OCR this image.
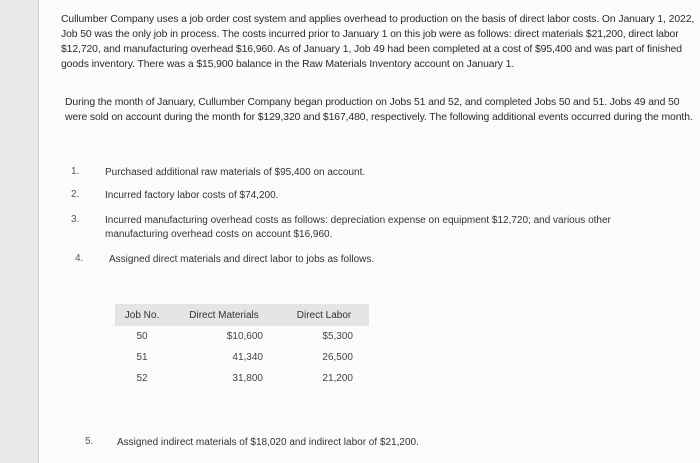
Cullumber Company uses a job order cost system and applies overhead to production on the basis of direct labor costs. On January 1, 2022, Job 50 was the only job in process. The costs incurred prior to January 1 on this job were as follows: direct materials $21,200, direct labor $12,720, and manufacturing overhead $16,960. As of January 1, Job 49 had been completed at a cost of $95,400 and was part of finished goods inventory. There was a $15,900 balance in the Raw Materials Inventory account on January 1.
During the month of January, Cullumber Company began production on Jobs 51 and 52, and completed Jobs 50 and 51. Jobs 49 and 50 were sold on account during the month for $129,320 and $167,480, respectively. The following additional events occurred during the month.
1.	Purchased additional raw materials of $95,400 on account.
2.	Incurred factory labor costs of $74,200.
3.	Incurred manufacturing overhead costs as follows: depreciation expense on equipment $12,720; and various other manufacturing overhead costs on account $16,960.
4.	Assigned direct materials and direct labor to jobs as follows.
5. Assigned indirect materials of $18,020 and indirect labor of $21,200.
Job No.	Direct Materials	Direct Labor
50	$10,600	$5,300
51	41,340	26,500
52	31,800	21,200
